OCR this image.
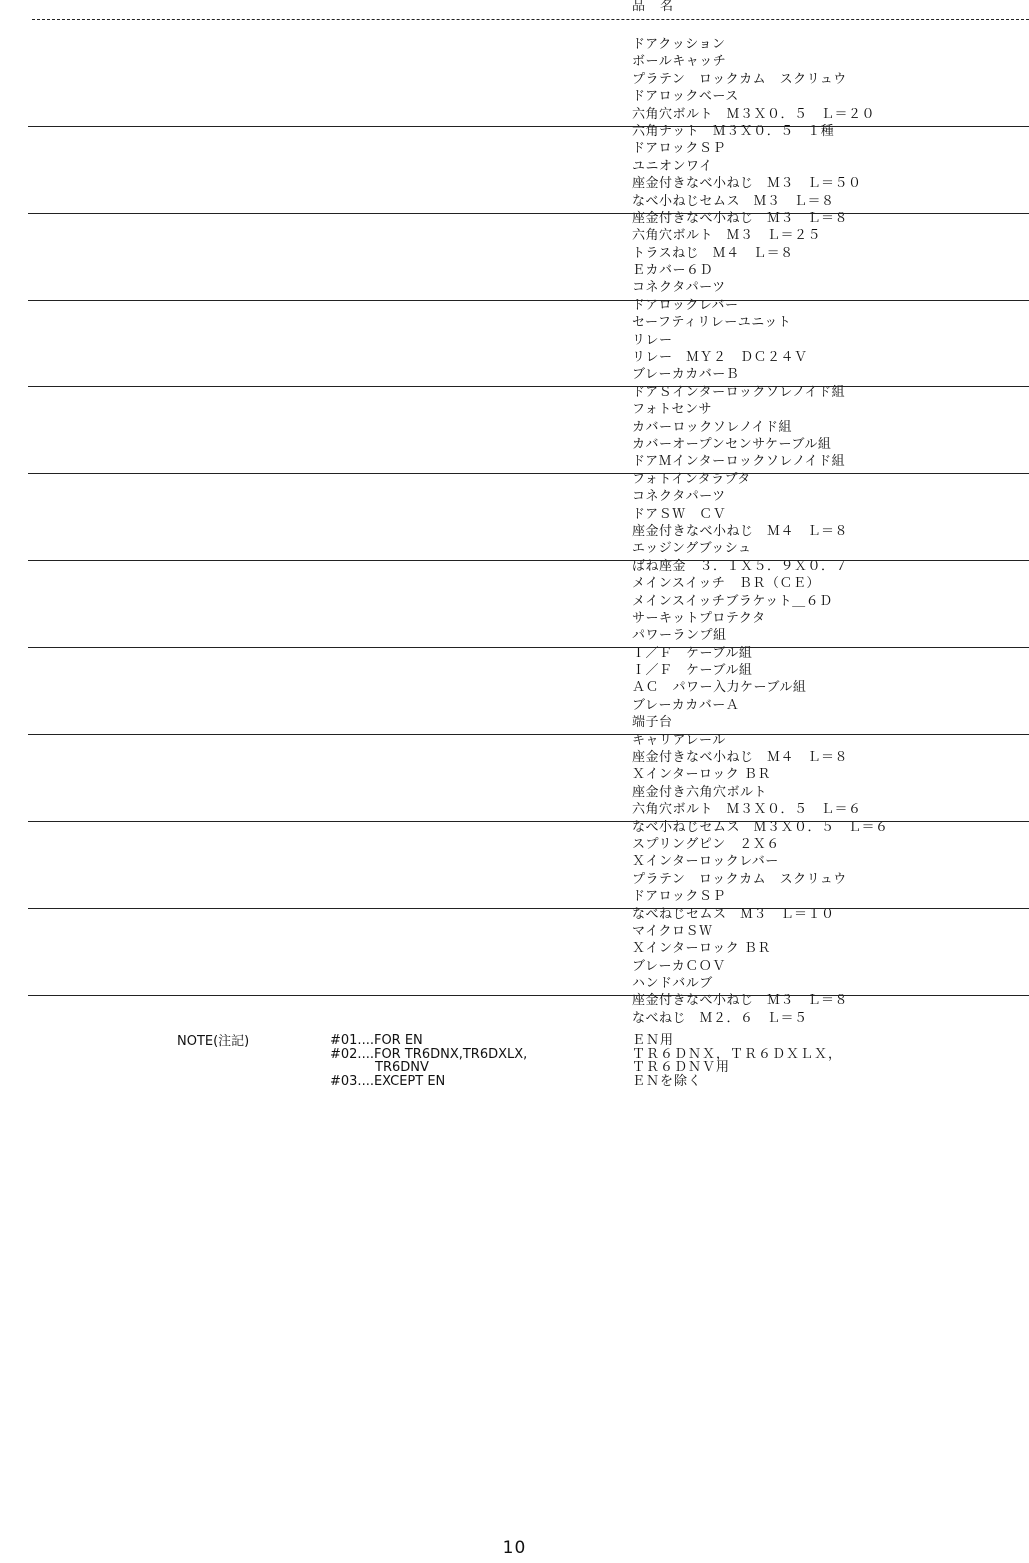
品　名
ドアクッション
ボールキャッチ
プラテン　ロックカム　スクリュウ
ドアロックベース
六角穴ボルト　Ｍ３Ｘ０．５　Ｌ＝２０
六角ナット　Ｍ３Ｘ０．５　１種
ドアロックＳＰ
ユニオンワイ
座金付きなべ小ねじ　Ｍ３　Ｌ＝５０
なべ小ねじセムス　Ｍ３　Ｌ＝８
座金付きなべ小ねじ　Ｍ３　Ｌ＝８
六角穴ボルト　Ｍ３　Ｌ＝２５
トラスねじ　Ｍ４　Ｌ＝８
Ｅカバー６Ｄ
コネクタパーツ
ドアロックレバー
セーフティリレーユニット
リレー
リレー　ＭＹ２　ＤＣ２４Ｖ
ブレーカカバーＢ
ドアＳインターロックソレノイド組
フォトセンサ
カバーロックソレノイド組
カバーオープンセンサケーブル組
ドアＭインターロックソレノイド組
フォトインタラプタ
コネクタパーツ
ドアＳＷ　ＣＶ
座金付きなべ小ねじ　Ｍ４　Ｌ＝８
エッジングブッシュ
ばね座金　３．１Ｘ５．９Ｘ０．７
メインスイッチ　ＢＲ（ＣＥ）
メインスイッチブラケット＿６Ｄ
サーキットプロテクタ
パワーランプ組
Ｉ／Ｆ　ケーブル組
Ｉ／Ｆ　ケーブル組
ＡＣ　パワー入力ケーブル組
ブレーカカバーＡ
端子台
キャリアレール
座金付きなべ小ねじ　Ｍ４　Ｌ＝８
Ｘインターロック ＢＲ
座金付き六角穴ボルト
六角穴ボルト　Ｍ３Ｘ０．５　Ｌ＝６
なべ小ねじセムス　Ｍ３Ｘ０．５　Ｌ＝６
スプリングピン　２Ｘ６
Ｘインターロックレバー
プラテン　ロックカム　スクリュウ
ドアロックＳＰ
なべねじセムス　Ｍ３　Ｌ＝１０
マイクロＳＷ
Ｘインターロック ＢＲ
ブレーカＣＯＶ
ハンドバルブ
座金付きなべ小ねじ　Ｍ３　Ｌ＝８
なべねじ　Ｍ２．６　Ｌ＝５
NOTE(注記)	#01....FOR EN
#02....FOR TR6DNX,TR6DXLX,
TR6DNV
#03....EXCEPT EN
ＥＮ用
ＴＲ６ＤＮＸ，ＴＲ６ＤＸＬＸ，
ＴＲ６ＤＮＶ用
ＥＮを除く
10
